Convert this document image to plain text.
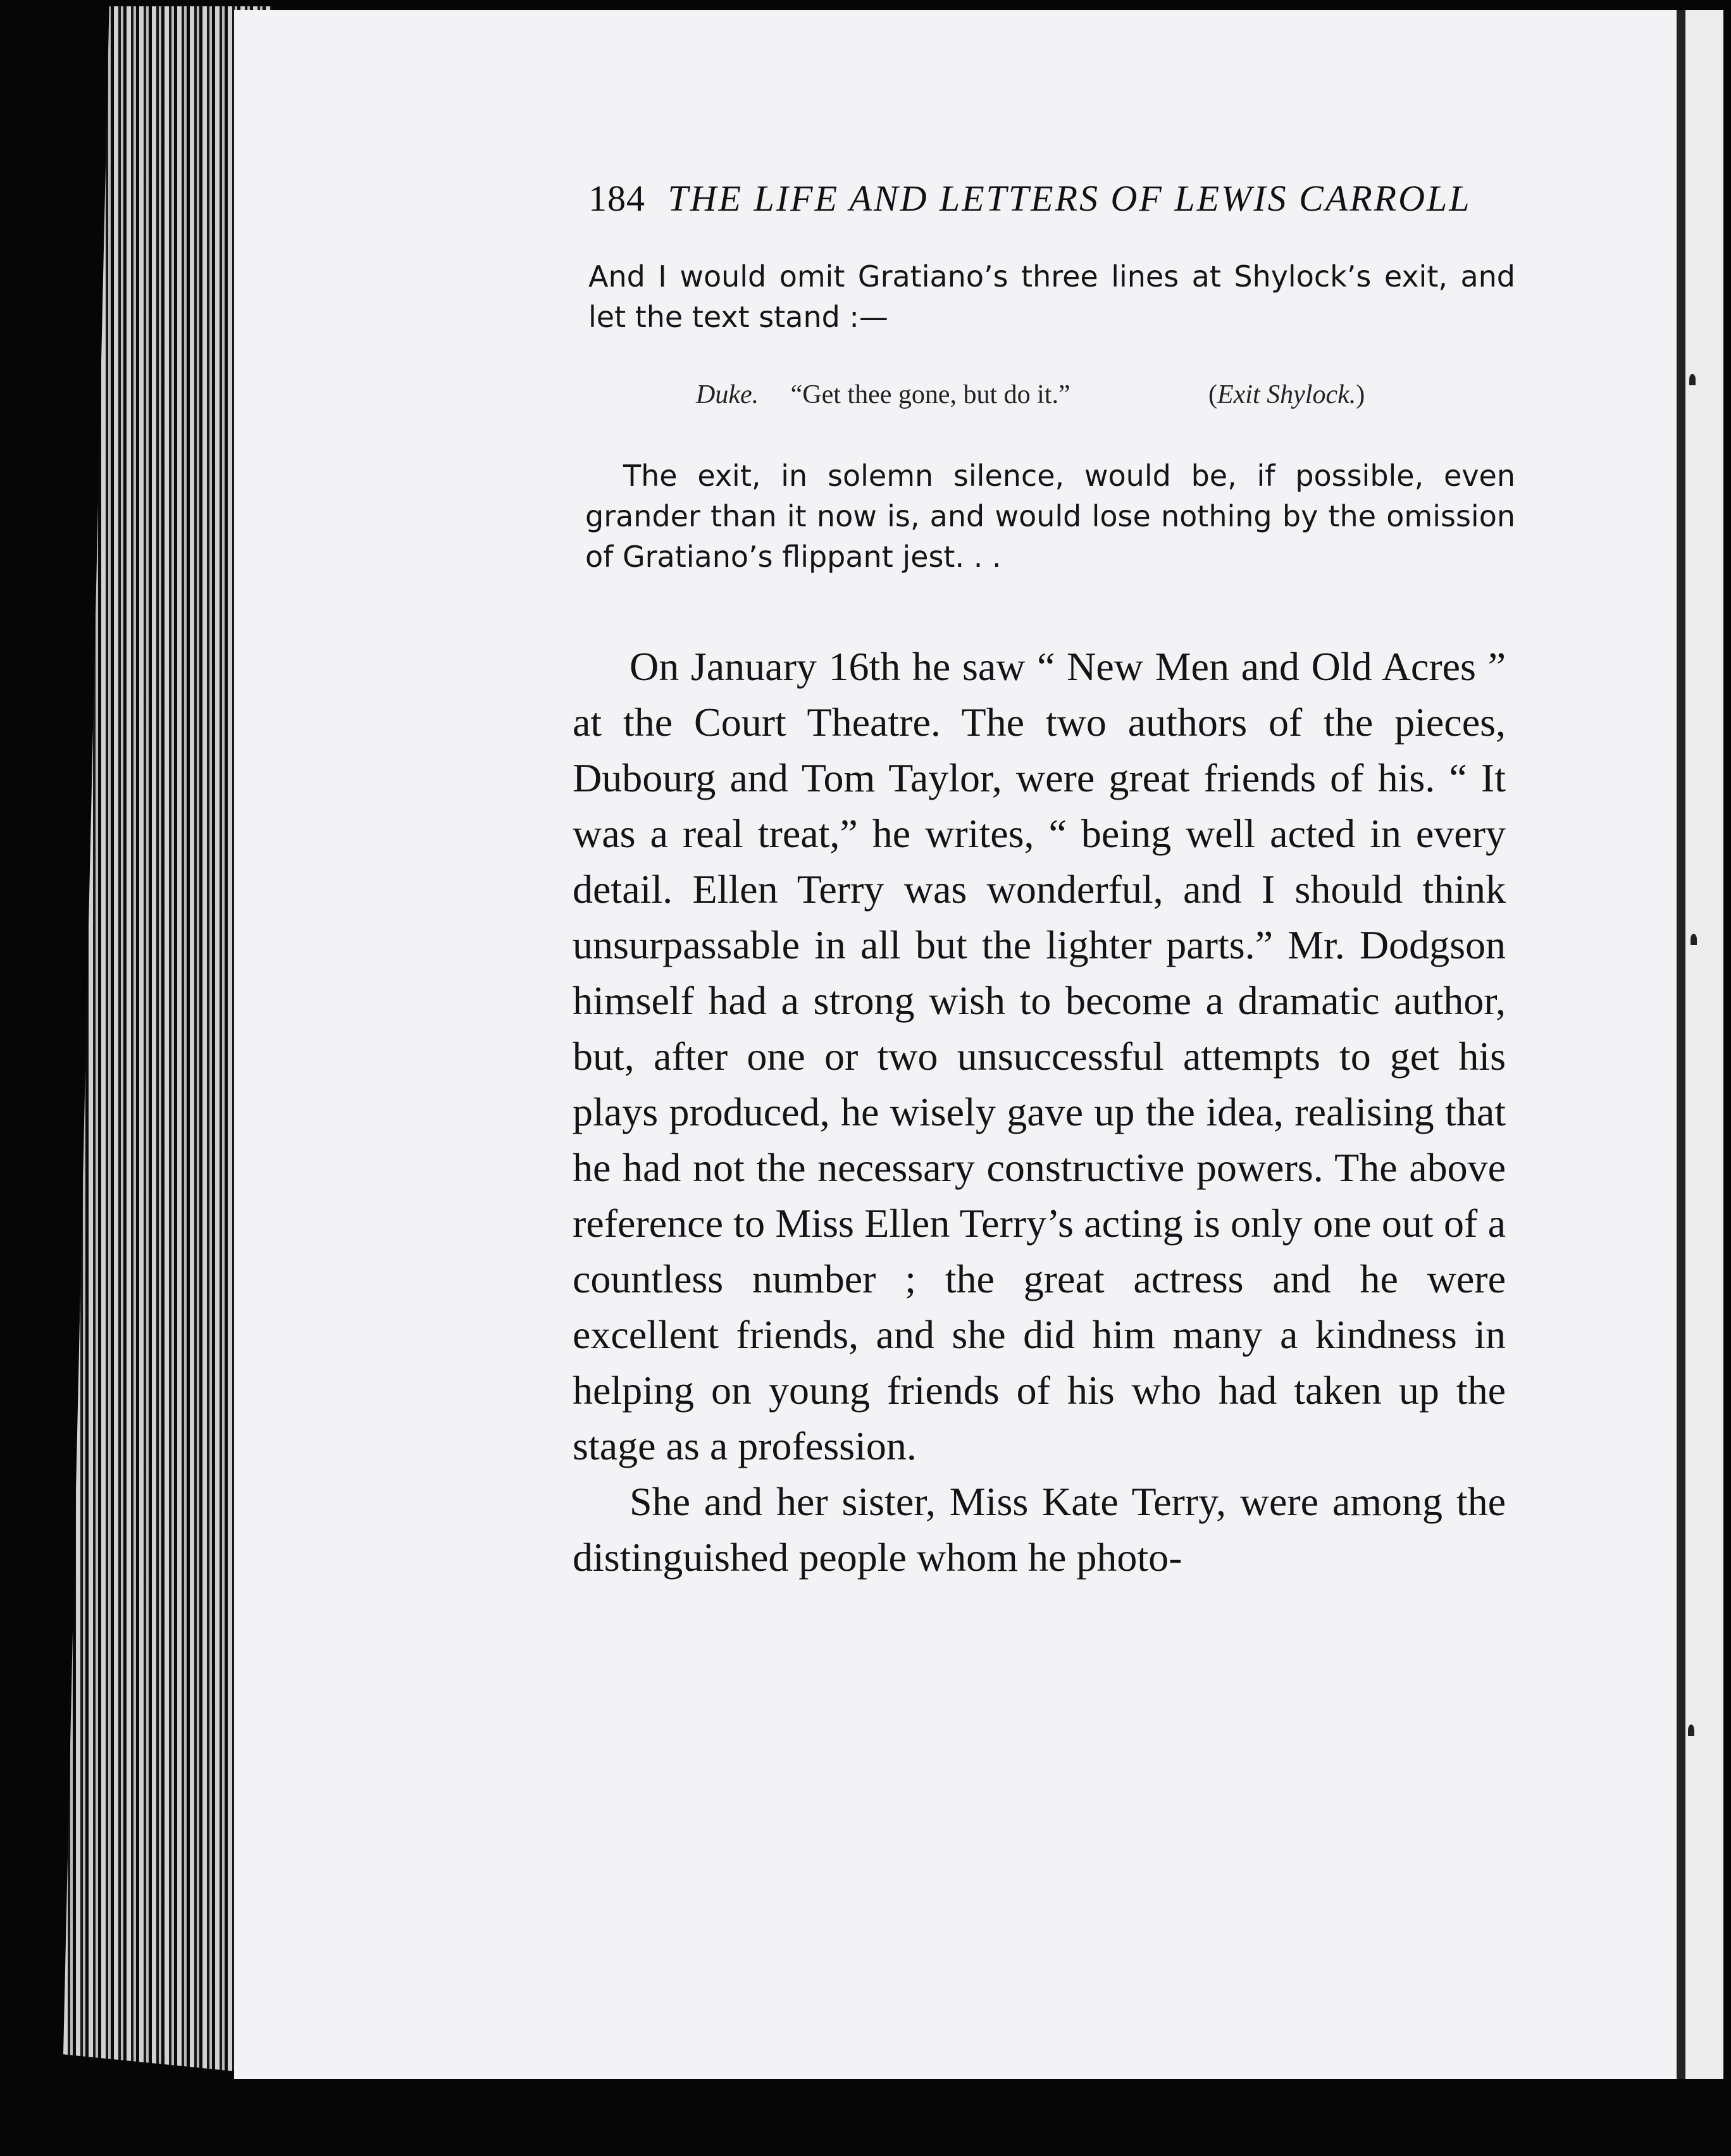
184 THE LIFE AND LETTERS OF LEWIS CARROLL

And I would omit Gratiano’s three lines at Shylock’s exit, and let the text stand :—

Duke. “Get thee gone, but do it.”	(Exit Shylock.)

The exit, in solemn silence, would be, if possible, even grander than it now is, and would lose nothing by the omission of Gratiano’s flippant jest. . .

On January 16th he saw “ New Men and Old Acres ” at the Court Theatre. The two authors of the pieces, Dubourg and Tom Taylor, were great friends of his. “ It was a real treat,” he writes, “ being well acted in every detail. Ellen Terry was wonderful, and I should think unsurpassable in all but the lighter parts.” Mr. Dodgson himself had a strong wish to become a dramatic author, but, after one or two unsuccessful attempts to get his plays produced, he wisely gave up the idea, realising that he had not the necessary constructive powers. The above reference to Miss Ellen Terry’s acting is only one out of a countless number ; the great actress and he were excellent friends, and she did him many a kindness in helping on young friends of his who had taken up the stage as a profession.

She and her sister, Miss Kate Terry, were among the distinguished people whom he photo-
